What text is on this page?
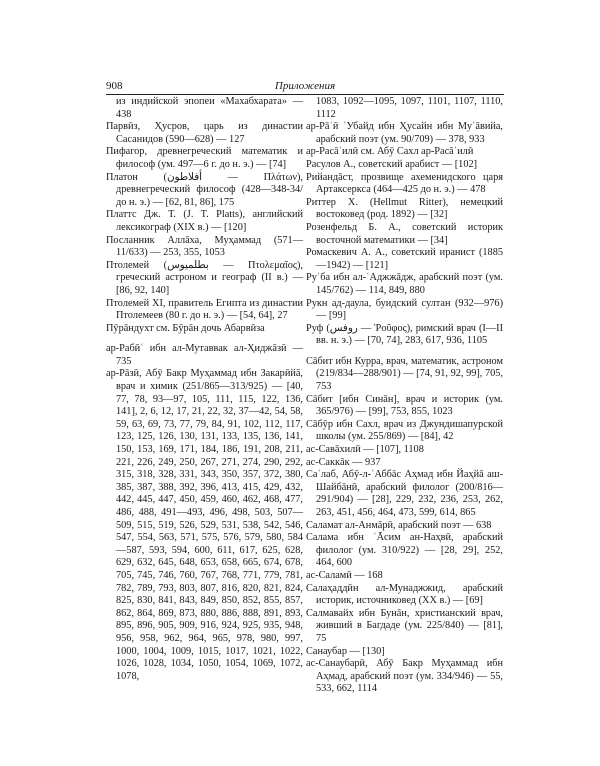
908	Приложения
из индийской эпопеи «Махабхарата» — 438
Парвӣз, Ҳусров, царь из династии Сасанидов (590—628) — 127
Пифагор, древнегреческий математик и философ (ум. 497—6 г. до н. э.) — [74]
Платон (أفلاطون — Πλάτων), древнегреческий философ (428—348-34/ до н. э.) — [62, 81, 86], 175
Платтс Дж. Т. (J. T. Platts), английский лексикограф (XIX в.) — [120]
Посланник Аллāха, Муҳаммад (571—11/633) — 253, 355, 1053
Птолемей (بطلميوس — Πτολεμαῖος), греческий астроном и географ (II в.) — [86, 92, 140]
Птолемей XI, правитель Египта из династии Птолемеев (80 г. до н. э.) — [54, 64], 27
Пӯрāндухт см. Бӯрāн дочь Абарвӣза
ар-Рабӣʿ ибн ал-Мутаввак ал-Ҳиджāзӣ — 735
ар-Рāзӣ, Абӯ Бакр Муҳаммад ибн Закарӣйā, врач и химик (251/865—313/925) — [40, 77, 78, 93—97, 105, 111, 115, 122, 136, 141], 2, 6, 12, 17, 21, 22, 32, 37—42, 54, 58, 59, 63, 69, 73, 77, 79, 84, 91, 102, 112, 117, 123, 125, 126, 130, 131, 133, 135, 136, 141, 150, 153, 169, 171, 184, 186, 191, 208, 211, 221, 226, 249, 250, 267, 271, 274, 290, 292, 315, 318, 328, 331, 343, 350, 357, 372, 380, 385, 387, 388, 392, 396, 413, 415, 429, 432, 442, 445, 447, 450, 459, 460, 462, 468, 477, 486, 488, 491—493, 496, 498, 503, 507—509, 515, 519, 526, 529, 531, 538, 542, 546, 547, 554, 563, 571, 575, 576, 579, 580, 584—587, 593, 594, 600, 611, 617, 625, 628, 629, 632, 645, 648, 653, 658, 665, 674, 678, 705, 745, 746, 760, 767, 768, 771, 779, 781, 782, 789, 793, 803, 807, 816, 820, 821, 824, 825, 830, 841, 843, 849, 850, 852, 855, 857, 862, 864, 869, 873, 880, 886, 888, 891, 893, 895, 896, 905, 909, 916, 924, 925, 935, 948, 956, 958, 962, 964, 965, 978, 980, 997, 1000, 1004, 1009, 1015, 1017, 1021, 1022, 1026, 1028, 1034, 1050, 1054, 1069, 1072, 1078,
1083, 1092—1095, 1097, 1101, 1107, 1110, 1112
ар-Рāʾӣ ʿУбайд ибн Ҳусайн ибн Муʿāвийа, арабский поэт (ум. 90/709) — 378, 933
ар-Расāʾилӣ см. Абӯ Сахл ар-Расāʾилӣ
Расулов А., советский арабист — [102]
Рийандāст, прозвище ахеменидского царя Артаксеркса (464—425 до н. э.) — 478
Риттер Х. (Hellmut Ritter), немецкий востоковед (род. 1892) — [32]
Розенфельд Б. А., советский историк восточной математики — [34]
Ромаскевич А. А., советский иранист (1885—1942) — [121]
Руʾба ибн ал-ʿАджжāдж, арабский поэт (ум. 145/762) — 114, 849, 880
Рукн ад-даула, буидский султан (932—976) — [99]
Руф (روفس — Ῥοῦφος), римский врач (I—II вв. н. э.) — [70, 74], 283, 617, 936, 1105
Сāбит ибн Курра, врач, математик, астроном (219/834—288/901) — [74, 91, 92, 99], 705, 753
Сāбит [ибн Синāн], врач и историк (ум. 365/976) — [99], 753, 855, 1023
Сāбӯр ибн Сахл, врач из Джундишапурской школы (ум. 255/869) — [84], 42
ас-Савāхилӣ — [107], 1108
ас-Саккāк — 937
Саʿлаб, Абӯ-л-ʿАббāс Аҳмад ибн Йаҳйā аш-Шайбāнӣ, арабский филолог (200/816—291/904) — [28], 229, 232, 236, 253, 262, 263, 451, 456, 464, 473, 599, 614, 865
Саламат ал-Анмāрӣ, арабский поэт — 638
Салама ибн ʿĀсим ан-Наҳвӣ, арабский филолог (ум. 310/922) — [28, 29], 252, 464, 600
ас-Саламӣ — 168
Салаҳаддӣн ал-Мунаджжид, арабский историк, источниковед (XX в.) — [69]
Салмавайх ибн Бунāн, христианский врач, живший в Багдаде (ум. 225/840) — [81], 75
Санаубар — [130]
ас-Санаубарӣ, Абӯ Бакр Муҳаммад ибн Аҳмад, арабский поэт (ум. 334/946) — 55, 533, 662, 1114
